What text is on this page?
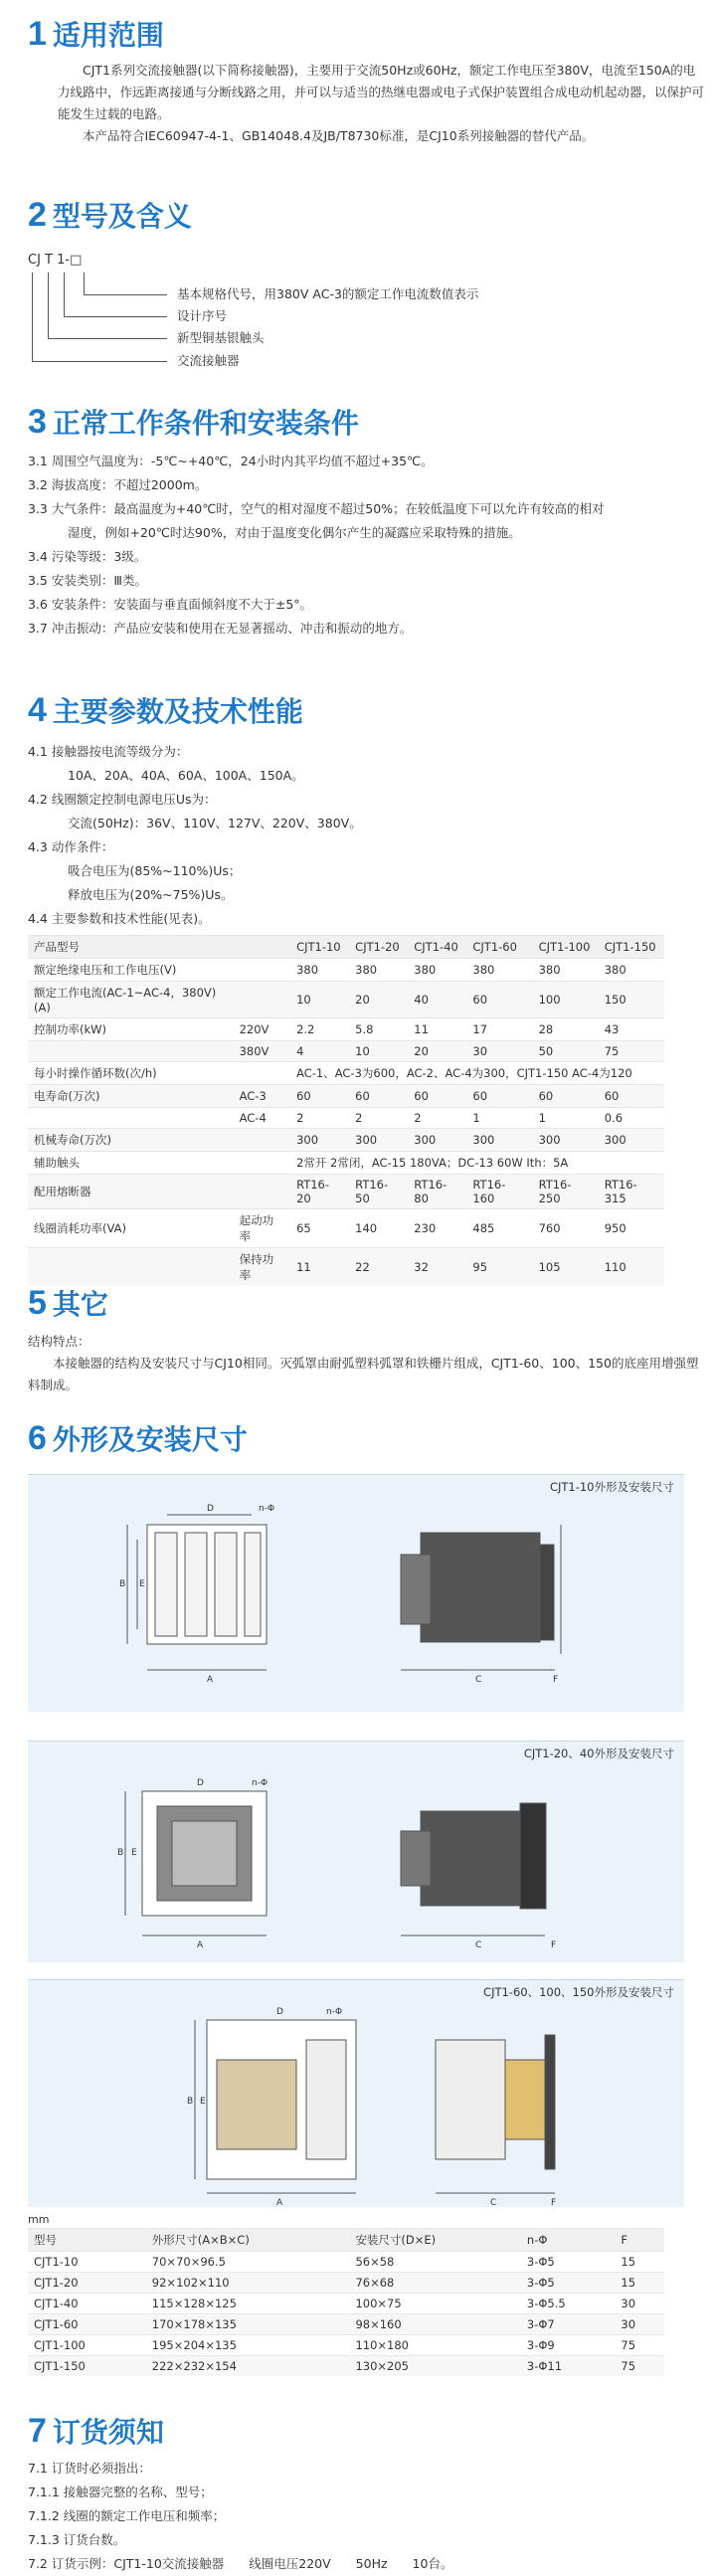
1 适用范围

CJT1系列交流接触器(以下简称接触器)，主要用于交流50Hz或60Hz，额定工作电压至380V，电流至150A的电力线路中，作远距离接通与分断线路之用，并可以与适当的热继电器或电子式保护装置组合成电动机起动器，以保护可能发生过载的电路。

本产品符合IEC60947-4-1、GB14048.4及JB/T8730标准，是CJ10系列接触器的替代产品。

2 型号及含义
CJ T 1-□
基本规格代号，用380V AC-3的额定工作电流数值表示
设计序号
新型铜基银触头
交流接触器
3 正常工作条件和安装条件

3.1 周围空气温度为：-5℃~+40℃，24小时内其平均值不超过+35℃。

3.2 海拔高度：不超过2000m。

3.3 大气条件：最高温度为+40℃时，空气的相对湿度不超过50%；在较低温度下可以允许有较高的相对

湿度，例如+20℃时达90%，对由于温度变化偶尔产生的凝露应采取特殊的措施。

3.4 污染等级：3级。

3.5 安装类别：Ⅲ类。

3.6 安装条件：安装面与垂直面倾斜度不大于±5°。

3.7 冲击振动：产品应安装和使用在无显著摇动、冲击和振动的地方。

4 主要参数及技术性能

4.1 接触器按电流等级分为：

10A、20A、40A、60A、100A、150A。

4.2 线圈额定控制电源电压Us为：

交流(50Hz)：36V、110V、127V、220V、380V。

4.3 动作条件：

吸合电压为(85%~110%)Us；

释放电压为(20%~75%)Us。

4.4 主要参数和技术性能(见表)。

产品型号		CJT1-10	CJT1-20	CJT1-40	CJT1-60	CJT1-100	CJT1-150
额定绝缘电压和工作电压(V)		380	380	380	380	380	380
额定工作电流(AC-1~AC-4，380V)(A)		10	20	40	60	100	150
控制功率(kW)	220V	2.2	5.8	11	17	28	43
	380V	4	10	20	30	50	75
每小时操作循环数(次/h)		AC-1、AC-3为600，AC-2、AC-4为300，CJT1-150 AC-4为120					
电寿命(万次)	AC-3	60	60	60	60	60	60
	AC-4	2	2	2	1	1	0.6
机械寿命(万次)		300	300	300	300	300	300
辅助触头		2常开 2常闭，AC-15 180VA；DC-13 60W Ith：5A					
配用熔断器		RT16-20	RT16-50	RT16-80	RT16-160	RT16-250	RT16-315
线圈消耗功率(VA)	起动功率	65	140	230	485	760	950
	保持功率	11	22	32	95	105	110
5 其它

结构特点：

本接触器的结构及安装尺寸与CJ10相同。灭弧罩由耐弧塑料弧罩和铁栅片组成，CJT1-60、100、150的底座用增强塑料制成。

6 外形及安装尺寸
CJT1-10外形及安装尺寸
D	n-Φ
A
B E
C	F
CJT1-20、40外形及安装尺寸
D	n-Φ
A
B E
C	F
CJT1-60、100、150外形及安装尺寸
D	n-Φ
A
B E
C	F

mm

型号	外形尺寸(A×B×C)	安装尺寸(D×E)	n-Φ	F
CJT1-10	70×70×96.5	56×58	3-Φ5	15
CJT1-20	92×102×110	76×68	3-Φ5	15
CJT1-40	115×128×125	100×75	3-Φ5.5	30
CJT1-60	170×178×135	98×160	3-Φ7	30
CJT1-100	195×204×135	110×180	3-Φ9	75
CJT1-150	222×232×154	130×205	3-Φ11	75
7 订货须知

7.1 订货时必须指出：

7.1.1 接触器完整的名称、型号；

7.1.2 线圈的额定工作电压和频率；

7.1.3 订货台数。

7.2 订货示例：CJT1-10交流接触器　　线圈电压220V　　50Hz　　10台。
